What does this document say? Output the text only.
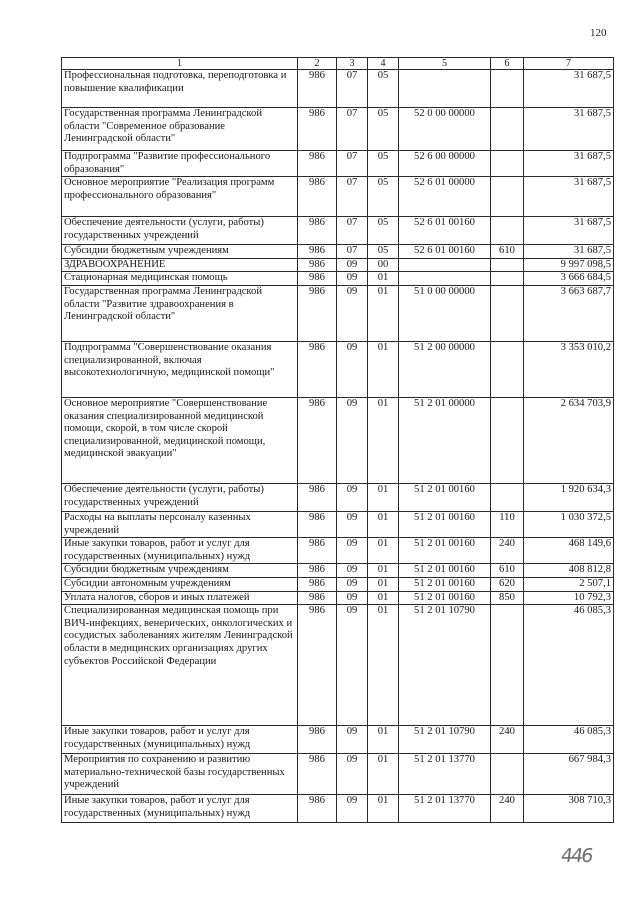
120
1	2	3	4	5	6	7
Профессиональная подготовка, переподготовка и повышение квалификации	986	07	05			31 687,5
Государственная программа Ленинградской области "Современное образование Ленинградской области"	986	07	05	52 0 00 00000		31 687,5
Подпрограмма "Развитие профессионального образования"	986	07	05	52 6 00 00000		31 687,5
Основное мероприятие "Реализация программ профессионального образования"	986	07	05	52 6 01 00000		31 687,5
Обеспечение деятельности (услуги, работы) государственных учреждений	986	07	05	52 6 01 00160		31 687,5
Субсидии бюджетным учреждениям	986	07	05	52 6 01 00160	610	31 687,5
ЗДРАВООХРАНЕНИЕ	986	09	00			9 997 098,5
Стационарная медицинская помощь	986	09	01			3 666 684,5
Государственная программа Ленинградской области "Развитие здравоохранения в Ленинградской области"	986	09	01	51 0 00 00000		3 663 687,7
Подпрограмма "Совершенствование оказания специализированной, включая высокотехнологичную, медицинской помощи"	986	09	01	51 2 00 00000		3 353 010,2
Основное мероприятие "Совершенствование оказания специализированной медицинской помощи, скорой, в том числе скорой специализированной, медицинской помощи, медицинской эвакуации"	986	09	01	51 2 01 00000		2 634 703,9
Обеспечение деятельности (услуги, работы) государственных учреждений	986	09	01	51 2 01 00160		1 920 634,3
Расходы на выплаты персоналу казенных учреждений	986	09	01	51 2 01 00160	110	1 030 372,5
Иные закупки товаров, работ и услуг для государственных (муниципальных) нужд	986	09	01	51 2 01 00160	240	468 149,6
Субсидии бюджетным учреждениям	986	09	01	51 2 01 00160	610	408 812,8
Субсидии автономным учреждениям	986	09	01	51 2 01 00160	620	2 507,1
Уплата налогов, сборов и иных платежей	986	09	01	51 2 01 00160	850	10 792,3
Специализированная медицинская помощь при ВИЧ-инфекциях, венерических, онкологических и сосудистых заболеваниях жителям Ленинградской области в медицинских организациях других субъектов Российской Федерации	986	09	01	51 2 01 10790		46 085,3
Иные закупки товаров, работ и услуг для государственных (муниципальных) нужд	986	09	01	51 2 01 10790	240	46 085,3
Мероприятия по сохранению и развитию материально-технической базы государственных учреждений	986	09	01	51 2 01 13770		667 984,3
Иные закупки товаров, работ и услуг для государственных (муниципальных) нужд	986	09	01	51 2 01 13770	240	308 710,3
446
